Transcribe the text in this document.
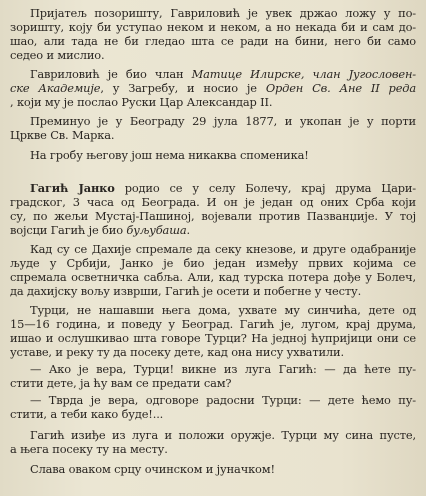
Пријатељ позоришту, Гавриловић је увек држао ложу у по-
зоришту, коју би уступао неком и неком, а но некада би и сам до-
шао, али тада не би гледао шта се ради на бини, него би само
седео и мислио.
Гавриловић је био члан Матице Илирске, члан Југословен-
ске Академије, у Загребу, и носио је Орден Св. Ане II реда
, кoји му је послао Руски Цар Александар II.
Преминуо је у Београду 29 јула 1877, и укопан је у порти
Цркве Св. Марка.
На гробу његову још нема никаква споменика!
Гагић Јанко родио се у селу Болечу, крај друма Цари-
градског, 3 часа од Београда. И он је један од оних Срба који
су, по жељи Мустај-Пашиној, војевали против Пазванџије. У тој
војсци Гагић је био буљубаша.
Кад су се Дахије спремале да секу кнезове, и друге одабраније
људе у Србији, Јанко је био један између првих којима се
спремала осветничка сабља. Али, кад турска потера дође у Болеч,
да дахијску вољу изврши, Гагић је осети и побегне у честу.
Турци, не нашавши њега дома, ухвате му синчића, дете од
15—16 година, и поведу у Београд. Гагић је, лугом, крај друма,
ишао и ослушкивао шта говоре Турци? На једној ћупријици они се
уставе, и реку ту да посеку дете, кад она нису ухватили.
— Ако је вера, Турци! викне из луга Гагић: — да ћете пу-
стити дете, ја ћу вам се предати сам?
— Тврда је вера, одговоре радосни Турци: — дете ћемо пу-
стити, а теби како буде!...
Гагић изиђе из луга и положи оружје. Турци му сина пусте,
а њега посеку ту на месту.
Слава оваком срцу очинском и јуначком!
